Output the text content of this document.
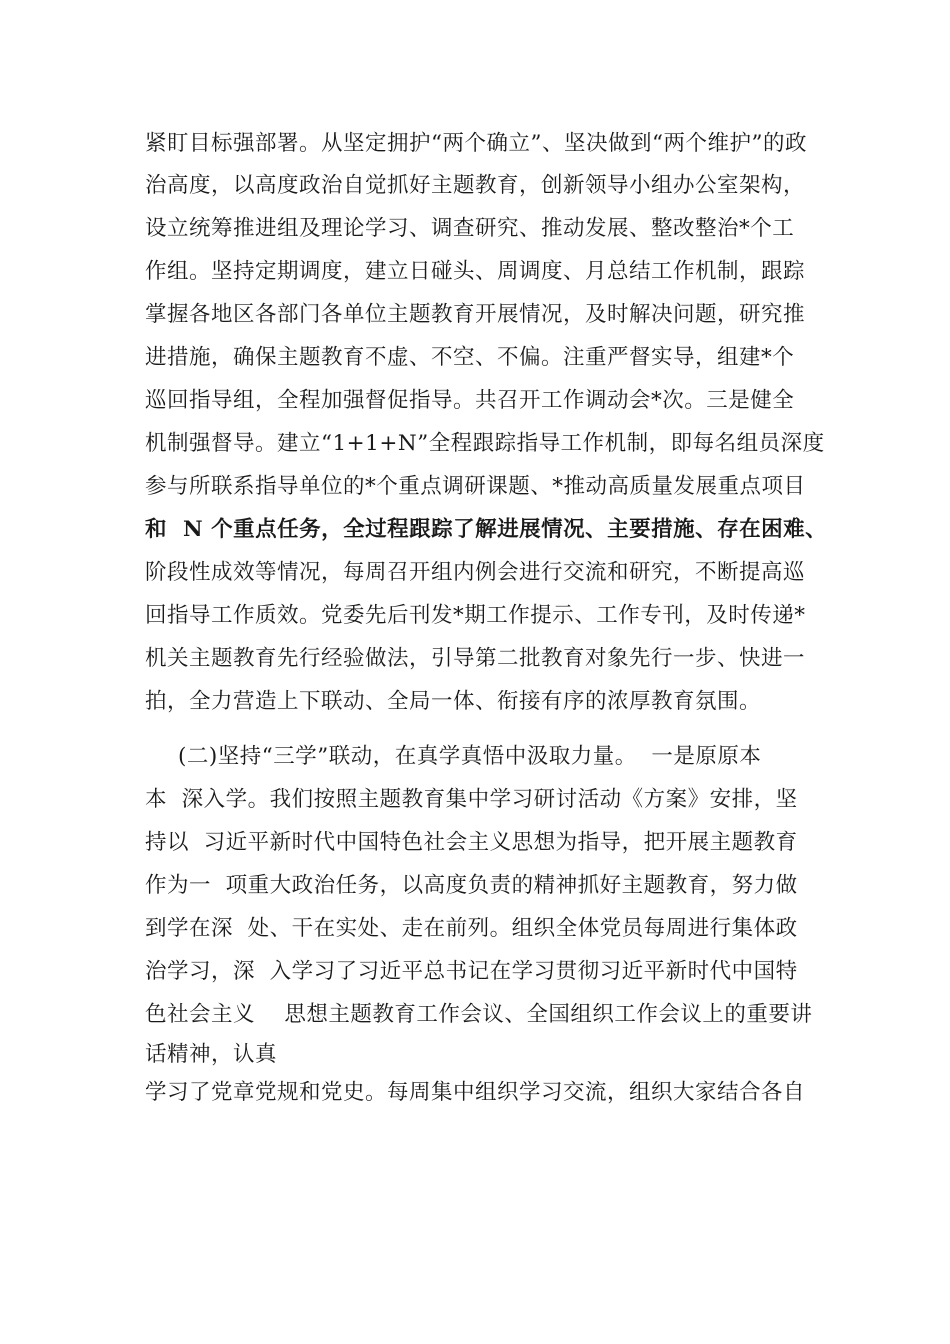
紧盯目标强部署。从坚定拥护“两个确立”、坚决做到“两个维护”的政
治高度，以高度政治自觉抓好主题教育，创新领导小组办公室架构，
设立统筹推进组及理论学习、调查研究、推动发展、整改整治*个工
作组。坚持定期调度，建立日碰头、周调度、月总结工作机制，跟踪
掌握各地区各部门各单位主题教育开展情况，及时解决问题，研究推
进措施，确保主题教育不虚、不空、不偏。注重严督实导，组建*个
巡回指导组，全程加强督促指导。共召开工作调动会*次。三是健全
机制强督导。建立“1+1+N”全程跟踪指导工作机制，即每名组员深度
参与所联系指导单位的*个重点调研课题、*推动高质量发展重点项目
和  N 个重点任务，全过程跟踪了解进展情况、主要措施、存在困难、
阶段性成效等情况，每周召开组内例会进行交流和研究，不断提高巡
回指导工作质效。党委先后刊发*期工作提示、工作专刊，及时传递*
机关主题教育先行经验做法，引导第二批教育对象先行一步、快进一
拍，全力营造上下联动、全局一体、衔接有序的浓厚教育氛围。
(二)坚持“三学”联动，在真学真悟中汲取力量。  一是原原本
本  深入学。我们按照主题教育集中学习研讨活动《方案》安排，坚
持以  习近平新时代中国特色社会主义思想为指导，把开展主题教育
作为一  项重大政治任务，以高度负责的精神抓好主题教育，努力做
到学在深  处、干在实处、走在前列。组织全体党员每周进行集体政
治学习，深  入学习了习近平总书记在学习贯彻习近平新时代中国特
色社会主义    思想主题教育工作会议、全国组织工作会议上的重要讲
话精神，认真
学习了党章党规和党史。每周集中组织学习交流，组织大家结合各自
